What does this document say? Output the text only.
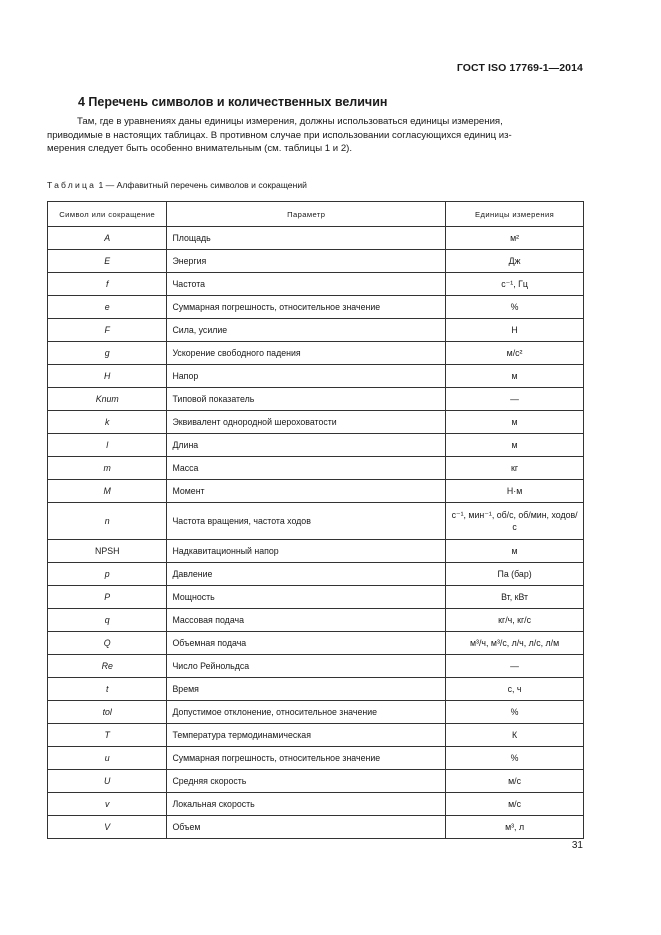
ГОСТ ISO 17769-1—2014
4 Перечень символов и количественных величин

Там, где в уравнениях даны единицы измерения, должны использоваться единицы измерения,
приводимые в настоящих таблицах. В противном случае при использовании согласующихся единиц из-
мерения следует быть особенно внимательным (см. таблицы 1 и 2).

Таблица 1 — Алфавитный перечень символов и сокращений

Символ или сокращение	Параметр	Единицы измерения
A	Площадь	м²
E	Энергия	Дж
f	Частота	с⁻¹, Гц
e	Суммарная погрешность, относительное значение	%
F	Сила, усилие	Н
g	Ускорение свободного падения	м/с²
H	Напор	м
Knum	Типовой показатель	—
k	Эквивалент однородной шероховатости	м
l	Длина	м
m	Масса	кг
M	Момент	Н·м
n	Частота вращения, частота ходов	с⁻¹, мин⁻¹, об/с, об/мин, ходов/с
NPSH	Надкавитационный напор	м
p	Давление	Па (бар)
P	Мощность	Вт, кВт
q	Массовая подача	кг/ч, кг/с
Q	Объемная подача	м³/ч, м³/с, л/ч, л/с, л/м
Re	Число Рейнольдса	—
t	Время	с, ч
tol	Допустимое отклонение, относительное значение	%
T	Температура термодинамическая	К
u	Суммарная погрешность, относительное значение	%
U	Средняя скорость	м/с
v	Локальная скорость	м/с
V	Объем	м³, л
31
